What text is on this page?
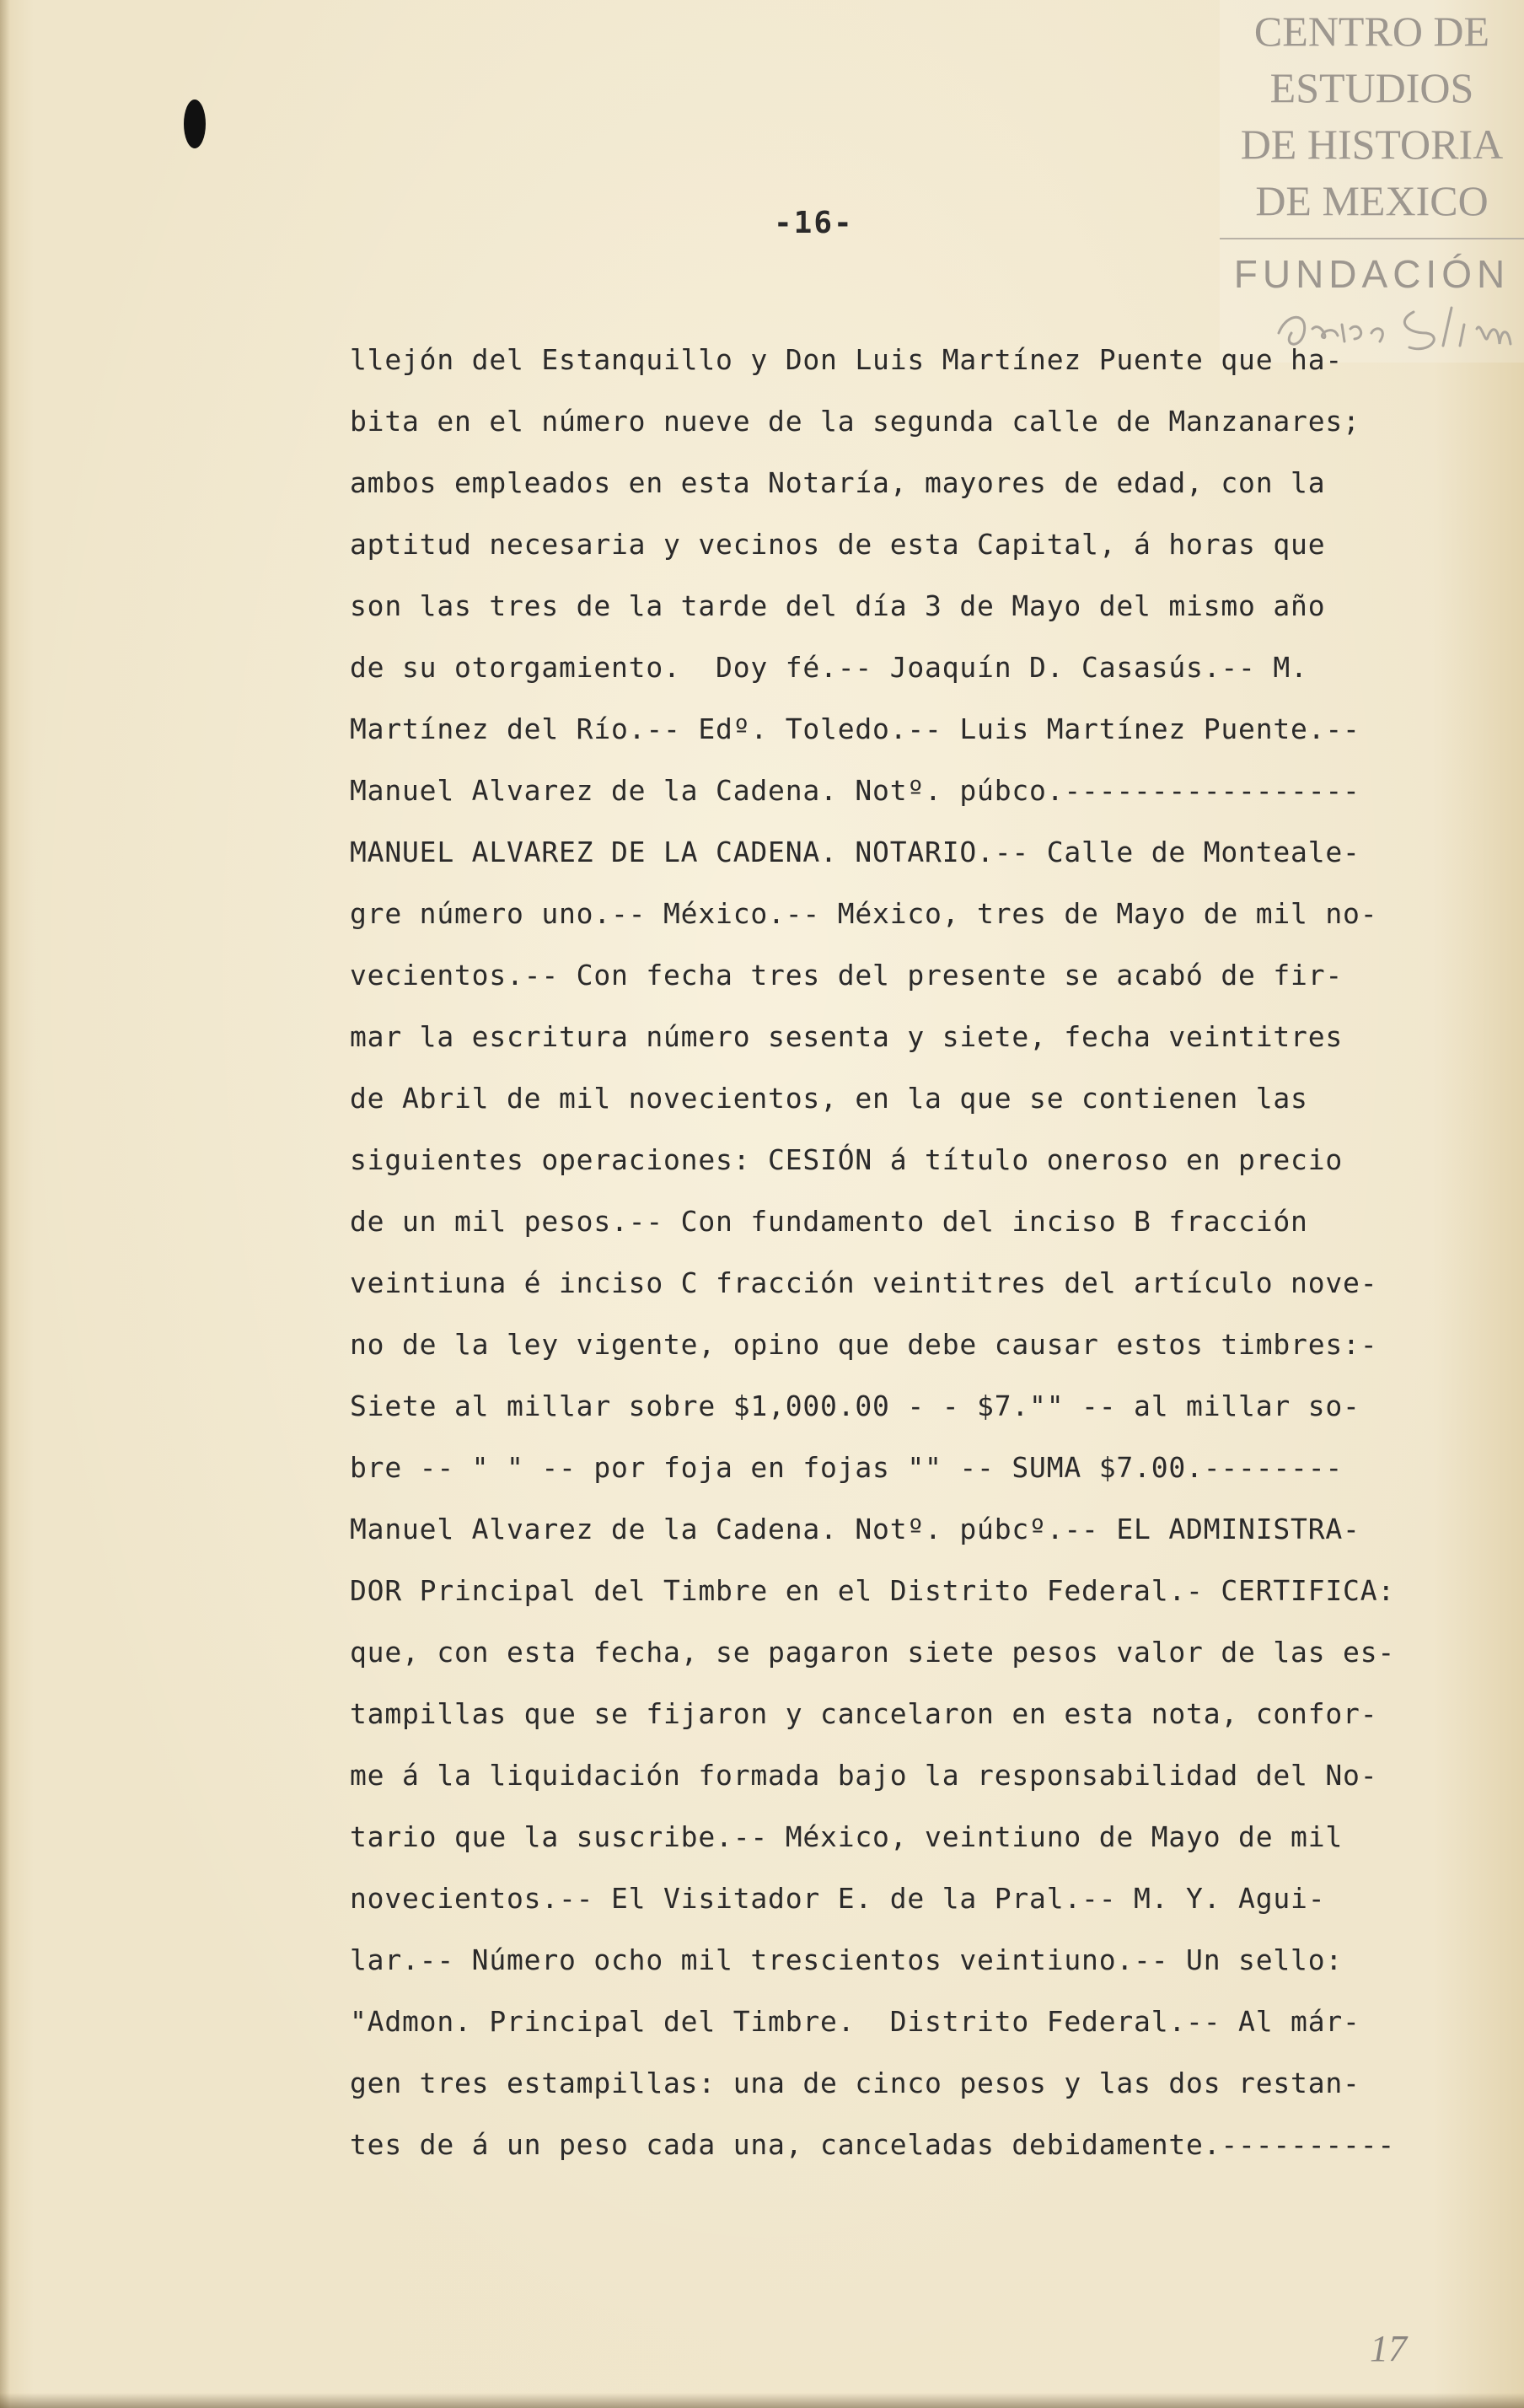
CENTRO DE
ESTUDIOS
DE HISTORIA
DE MEXICO
FUNDACIÓN
-16-
llejón del Estanquillo y Don Luis Martínez Puente que ha-
bita en el número nueve de la segunda calle de Manzanares;
ambos empleados en esta Notaría, mayores de edad, con la
aptitud necesaria y vecinos de esta Capital, á horas que
son las tres de la tarde del día 3 de Mayo del mismo año
de su otorgamiento.  Doy fé.-- Joaquín D. Casasús.-- M.
Martínez del Río.-- Edº. Toledo.-- Luis Martínez Puente.--
Manuel Alvarez de la Cadena. Notº. púbco.-----------------
MANUEL ALVAREZ DE LA CADENA. NOTARIO.-- Calle de Montealе-
gre número uno.-- México.-- México, tres de Mayo de mil no-
vecientos.-- Con fecha tres del presente se acabó de fir-
mar la escritura número sesenta y siete, fecha veintitres
de Abril de mil novecientos, en la que se contienen las
siguientes operaciones: CESIÓN á título oneroso en precio
de un mil pesos.-- Con fundamento del inciso B fracción
veintiuna é inciso C fracción veintitres del artículo nove-
no de la ley vigente, opino que debe causar estos timbres:-
Siete al millar sobre $1,000.00 - - $7."" -- al millar so-
bre -- " " -- por foja en fojas "" -- SUMA $7.00.--------
Manuel Alvarez de la Cadena. Notº. púbcº.-- EL ADMINISTRA-
DOR Principal del Timbre en el Distrito Federal.- CERTIFICA:
que, con esta fecha, se pagaron siete pesos valor de las es-
tampillas que se fijaron y cancelaron en esta nota, confor-
me á la liquidación formada bajo la responsabilidad del No-
tario que la suscribe.-- México, veintiuno de Mayo de mil
novecientos.-- El Visitador E. de la Pral.-- M. Y. Agui-
lar.-- Número ocho mil trescientos veintiuno.-- Un sello:
"Admon. Principal del Timbre.  Distrito Federal.-- Al már-
gen tres estampillas: una de cinco pesos y las dos restan-
tes de á un peso cada una, canceladas debidamente.----------
17
